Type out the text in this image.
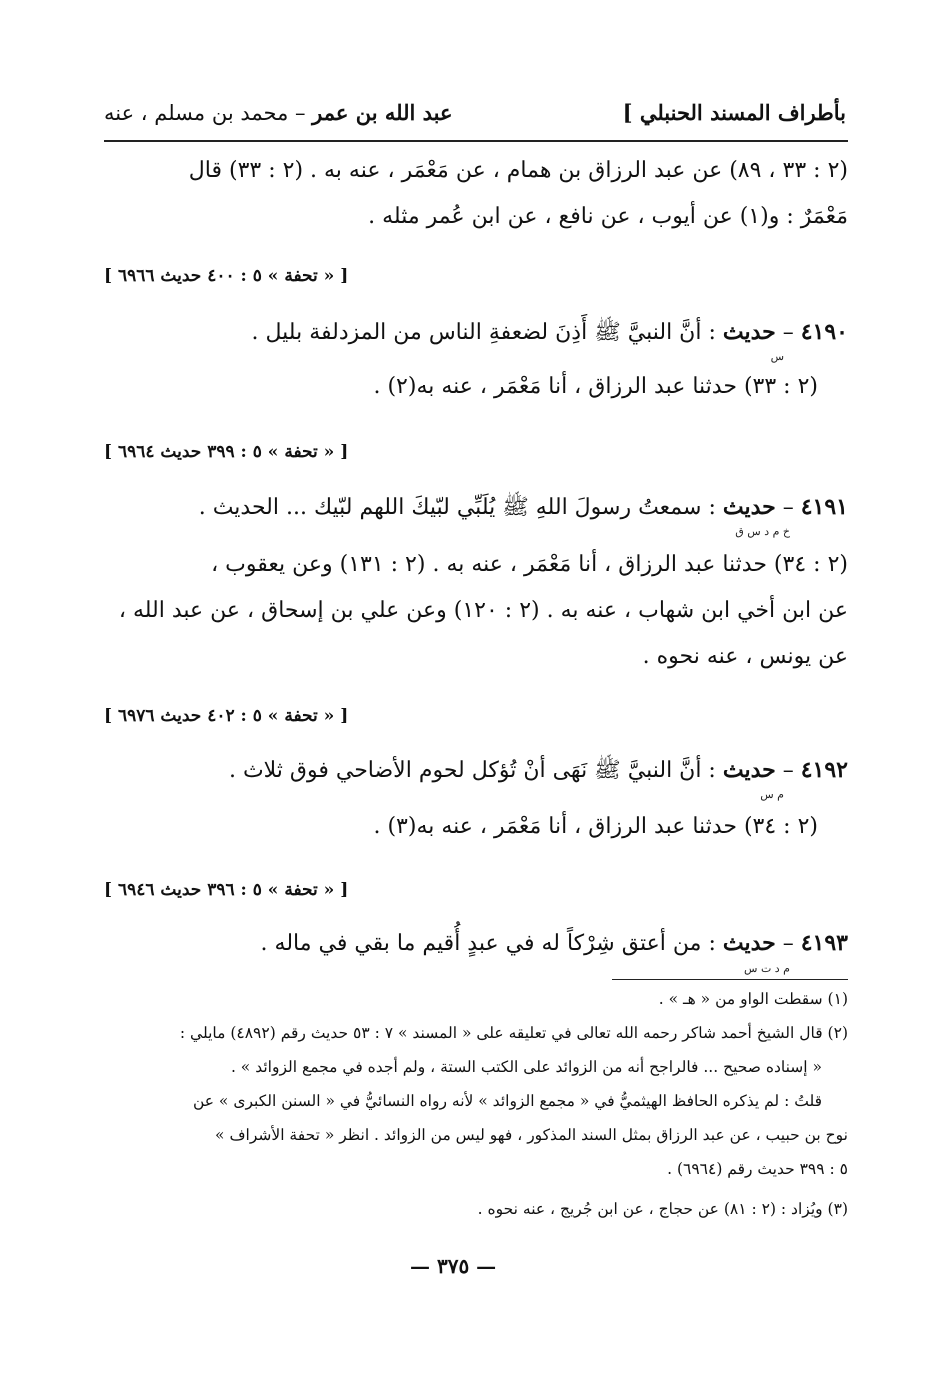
بأطراف المسند الحنبلي ]
عبد الله بن عمر – محمد بن مسلم ، عنه
(٢ : ٣٣ ، ٨٩) عن عبد الرزاق بن همام ، عن مَعْمَر ، عنه به . (٢ : ٣٣) قال
مَعْمَرٌ : و(١) عن أيوب ، عن نافع ، عن ابن عُمر مثله .
[ « تحفة » ٥ : ٤٠٠ حديث ٦٩٦٦ ]
٤١٩٠ – حديث : أنَّ النبيَّ ﷺ أَذِنَ لضعفةِ الناس من المزدلفة بليل .
س
(٢ : ٣٣) حدثنا عبد الرزاق ، أنا مَعْمَر ، عنه به(٢) .
[ « تحفة » ٥ : ٣٩٩ حديث ٦٩٦٤ ]
٤١٩١ – حديث : سمعتُ رسولَ اللهِ ﷺ يُلَبِّي لبّيكَ اللهم لبّيك ... الحديث .
خ م د س ق
(٢ : ٣٤) حدثنا عبد الرزاق ، أنا مَعْمَر ، عنه به . (٢ : ١٣١) وعن يعقوب ،
عن ابن أخي ابن شهاب ، عنه به . (٢ : ١٢٠) وعن علي بن إسحاق ، عن عبد الله ،
عن يونس ، عنه نحوه .
[ « تحفة » ٥ : ٤٠٢ حديث ٦٩٧٦ ]
٤١٩٢ – حديث : أنَّ النبيَّ ﷺ نَهَى أنْ تُؤكل لحوم الأضاحي فوق ثلاث .
م س
(٢ : ٣٤) حدثنا عبد الرزاق ، أنا مَعْمَر ، عنه به(٣) .
[ « تحفة » ٥ : ٣٩٦ حديث ٦٩٤٦ ]
٤١٩٣ – حديث : من أعتق شِرْكاً له في عبدٍ أُقيم ما بقي في ماله .
م د ت س
(١) سقطت الواو من « هـ » .
(٢) قال الشيخ أحمد شاكر رحمه الله تعالى في تعليقه على « المسند » ٧ : ٥٣ حديث رقم (٤٨٩٢) مايلي :
« إسناده صحيح ... فالراجح أنه من الزوائد على الكتب الستة ، ولم أجده في مجمع الزوائد » .
قلتُ : لم يذكره الحافظ الهيثميُّ في « مجمع الزوائد » لأنه رواه النسائيُّ في « السنن الكبرى » عن
نوح بن حبيب ، عن عبد الرزاق بمثل السند المذكور ، فهو ليس من الزوائد . انظر « تحفة الأشراف »
٥ : ٣٩٩ حديث رقم (٦٩٦٤) .
(٣) ويُزاد : (٢ : ٨١) عن حجاج ، عن ابن جُريج ، عنه نحوه .
— ٣٧٥ —
